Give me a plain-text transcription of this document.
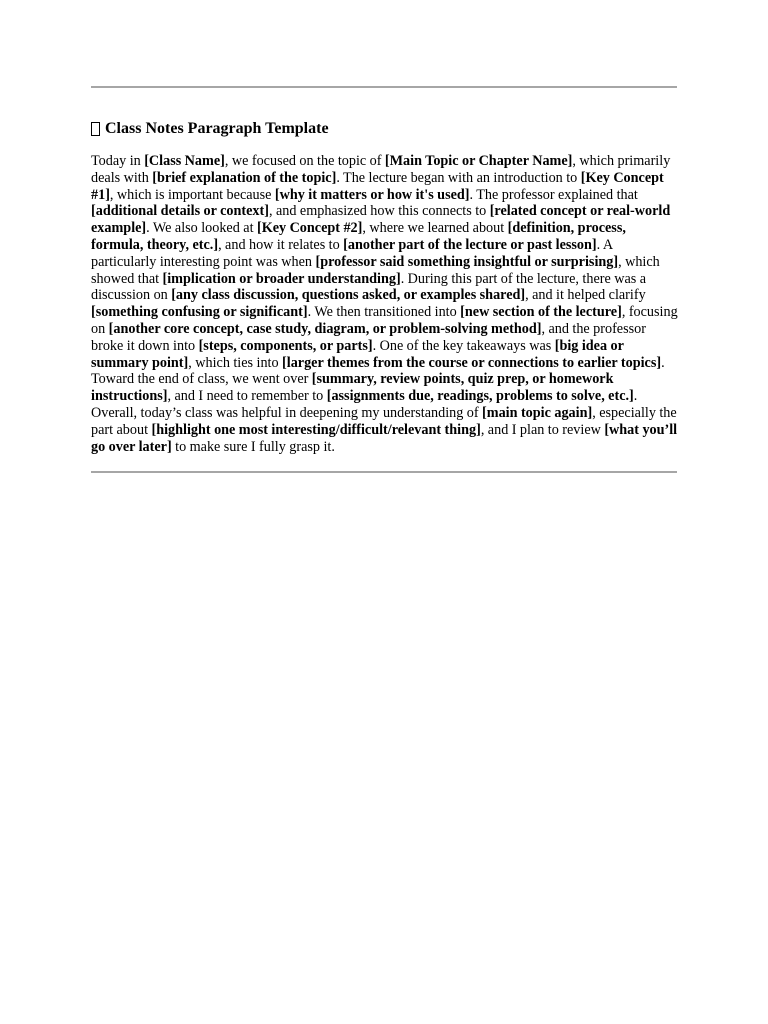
Class Notes Paragraph Template

Today in [Class Name], we focused on the topic of [Main Topic or Chapter Name], which primarily deals with [brief explanation of the topic]. The lecture began with an introduction to [Key Concept #1], which is important because [why it matters or how it's used]. The professor explained that [additional details or context], and emphasized how this connects to [related concept or real-world example]. We also looked at [Key Concept #2], where we learned about [definition, process, formula, theory, etc.], and how it relates to [another part of the lecture or past lesson]. A particularly interesting point was when [professor said something insightful or surprising], which showed that [implication or broader understanding]. During this part of the lecture, there was a discussion on [any class discussion, questions asked, or examples shared], and it helped clarify [something confusing or significant]. We then transitioned into [new section of the lecture], focusing on [another core concept, case study, diagram, or problem-solving method], and the professor broke it down into [steps, components, or parts]. One of the key takeaways was [big idea or summary point], which ties into [larger themes from the course or connections to earlier topics]. Toward the end of class, we went over [summary, review points, quiz prep, or homework instructions], and I need to remember to [assignments due, readings, problems to solve, etc.]. Overall, today’s class was helpful in deepening my understanding of [main topic again], especially the part about [highlight one most interesting/difficult/relevant thing], and I plan to review [what you’ll go over later] to make sure I fully grasp it.
